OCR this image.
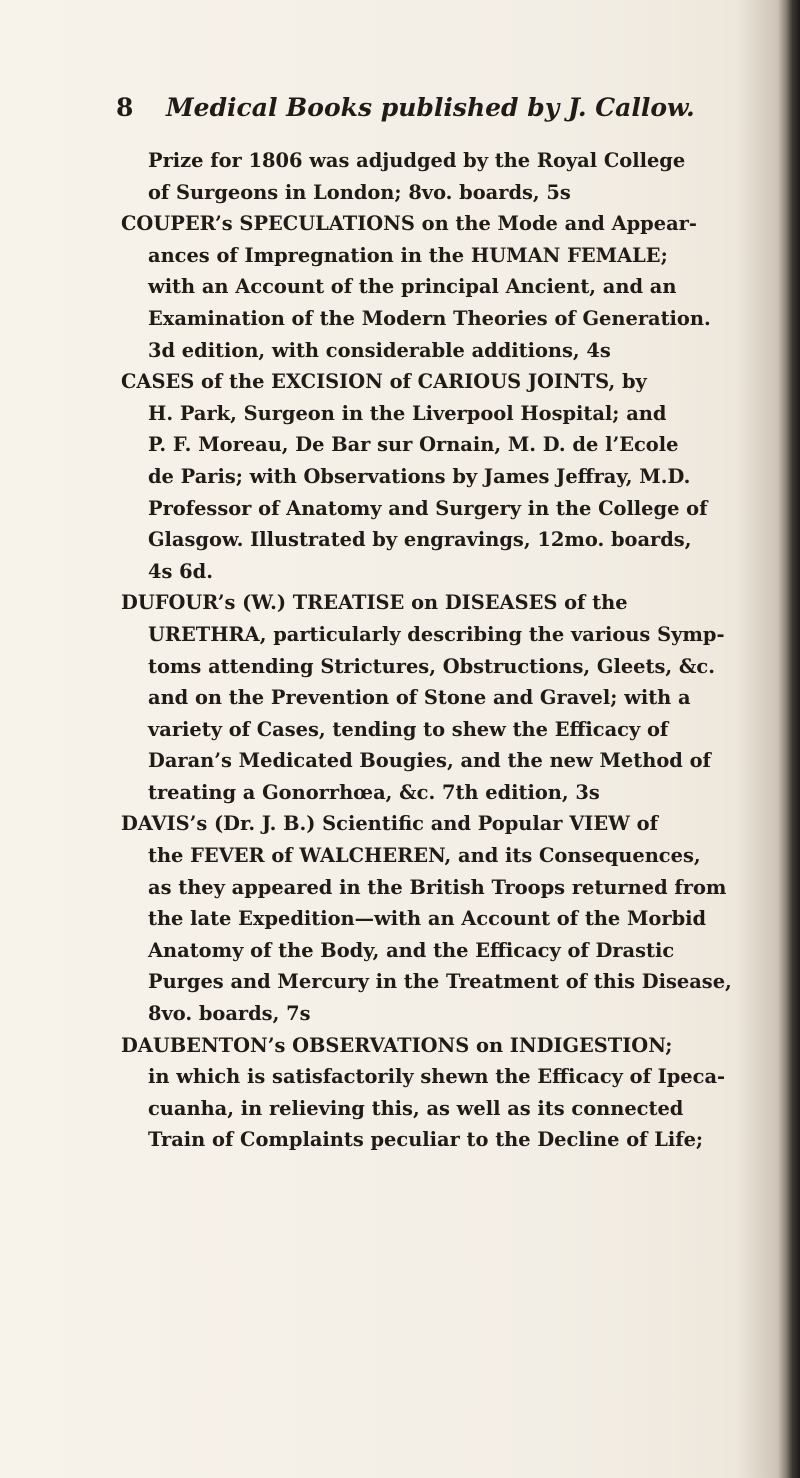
8 Medical Books published by J. Callow.

Prize for 1806 was adjudged by the Royal College

of Surgeons in London; 8vo. boards, 5s

COUPER’s SPECULATIONS on the Mode and Appear-

ances of Impregnation in the HUMAN FEMALE;

with an Account of the principal Ancient, and an

Examination of the Modern Theories of Generation.

3d edition, with considerable additions, 4s

CASES of the EXCISION of CARIOUS JOINTS, by

H. Park, Surgeon in the Liverpool Hospital; and

P. F. Moreau, De Bar sur Ornain, M. D. de l’Ecole

de Paris; with Observations by James Jeffray, M.D.

Professor of Anatomy and Surgery in the College of

Glasgow. Illustrated by engravings, 12mo. boards,

4s 6d.

DUFOUR’s (W.) TREATISE on DISEASES of the

URETHRA, particularly describing the various Symp-

toms attending Strictures, Obstructions, Gleets, &c.

and on the Prevention of Stone and Gravel; with a

variety of Cases, tending to shew the Efficacy of

Daran’s Medicated Bougies, and the new Method of

treating a Gonorrhœa, &c. 7th edition, 3s

DAVIS’s (Dr. J. B.) Scientific and Popular VIEW of

the FEVER of WALCHEREN, and its Consequences,

as they appeared in the British Troops returned from

the late Expedition—with an Account of the Morbid

Anatomy of the Body, and the Efficacy of Drastic

Purges and Mercury in the Treatment of this Disease,

8vo. boards, 7s

DAUBENTON’s OBSERVATIONS on INDIGESTION;

in which is satisfactorily shewn the Efficacy of Ipeca-

cuanha, in relieving this, as well as its connected

Train of Complaints peculiar to the Decline of Life;
